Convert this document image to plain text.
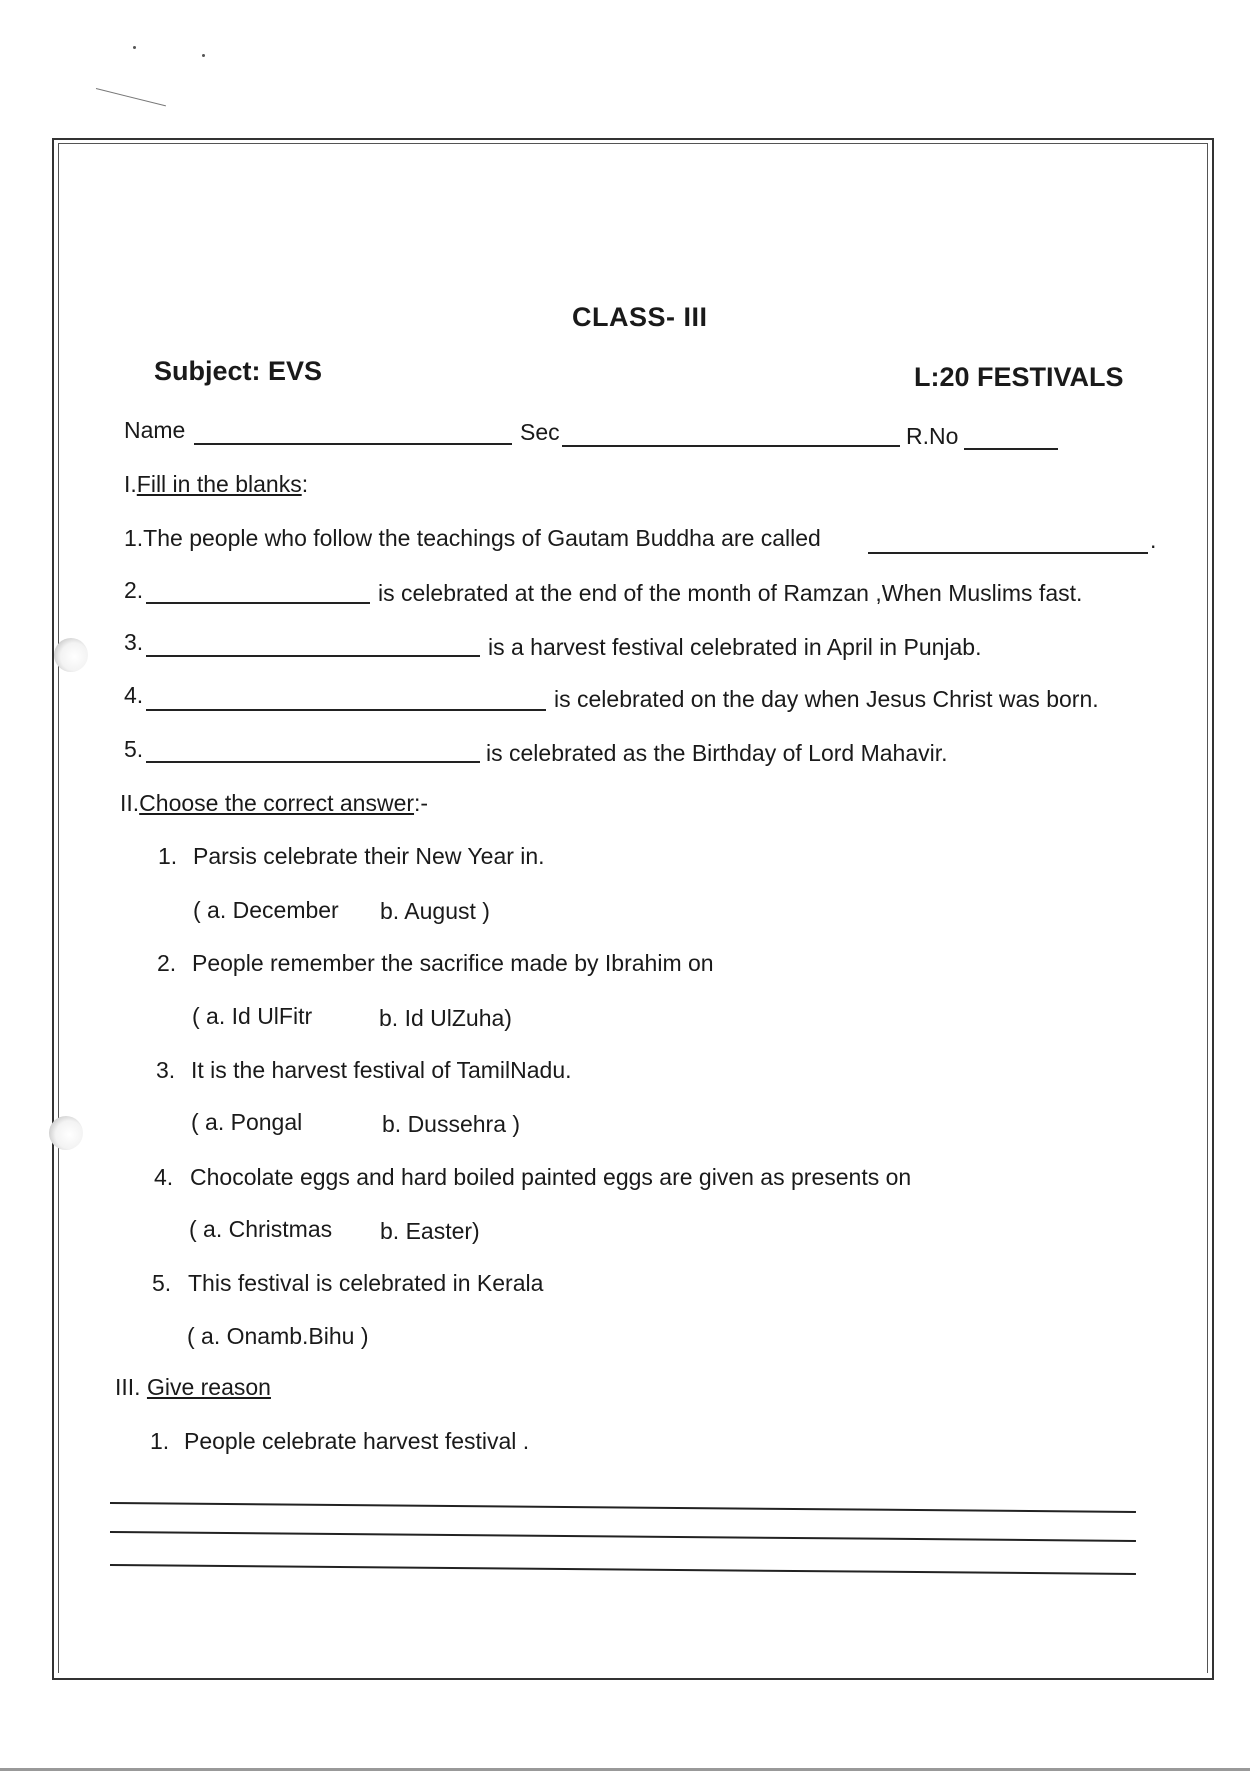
CLASS- III
Subject: EVS	L:20 FESTIVALS
Name	Sec	R.No
I.Fill in the blanks:
1.The people who follow the teachings of Gautam Buddha are called	.
2.	is celebrated at the end of the month of Ramzan ,When Muslims fast.
3.	is a harvest festival celebrated in April in Punjab.
4.	is celebrated on the day when Jesus Christ was born.
5.	is celebrated as the Birthday of Lord Mahavir.
II.Choose the correct answer:-
1. Parsis celebrate their New Year in.
( a. December b. August )
2. People remember the sacrifice made by Ibrahim on
( a. Id UlFitr	b. Id UlZuha)
3. It is the harvest festival of TamilNadu.
( a. Pongal	b. Dussehra )
4. Chocolate eggs and hard boiled painted eggs are given as presents on
( a. Christmas b. Easter)
5. This festival is celebrated in Kerala
( a. Onamb.Bihu )
III. Give reason
1. People celebrate harvest festival .
